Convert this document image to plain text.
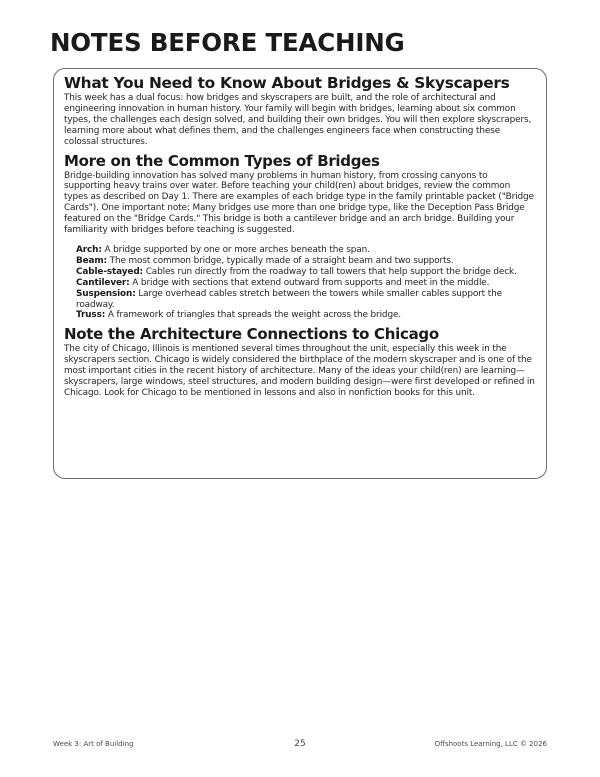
NOTES BEFORE TEACHING
What You Need to Know About Bridges & Skyscapers

This week has a dual focus: how bridges and skyscrapers are built, and the role of architectural and engineering innovation in human history. Your family will begin with bridges, learning about six common types, the challenges each design solved, and building their own bridges. You will then explore skyscrapers, learning more about what defines them, and the challenges engineers face when constructing these colossal structures.

More on the Common Types of Bridges

Bridge-building innovation has solved many problems in human history, from crossing canyons to supporting heavy trains over water. Before teaching your child(ren) about bridges, review the common types as described on Day 1. There are examples of each bridge type in the family printable packet ("Bridge Cards"). One important note: Many bridges use more than one bridge type, like the Deception Pass Bridge featured on the "Bridge Cards." This bridge is both a cantilever bridge and an arch bridge. Building your familiarity with bridges before teaching is suggested.

Arch: A bridge supported by one or more arches beneath the span.
Beam: The most common bridge, typically made of a straight beam and two supports.
Cable-stayed: Cables run directly from the roadway to tall towers that help support the bridge deck.
Cantilever: A bridge with sections that extend outward from supports and meet in the middle.
Suspension: Large overhead cables stretch between the towers while smaller cables support the roadway.
Truss: A framework of triangles that spreads the weight across the bridge.
Note the Architecture Connections to Chicago

The city of Chicago, Illinois is mentioned several times throughout the unit, especially this week in the skyscrapers section. Chicago is widely considered the birthplace of the modern skyscraper and is one of the most important cities in the recent history of architecture. Many of the ideas your child(ren) are learning—skyscrapers, large windows, steel structures, and modern building design—were first developed or refined in Chicago. Look for Chicago to be mentioned in lessons and also in nonfiction books for this unit.

Week 3: Art of Building	25	Offshoots Learning, LLC © 2026
